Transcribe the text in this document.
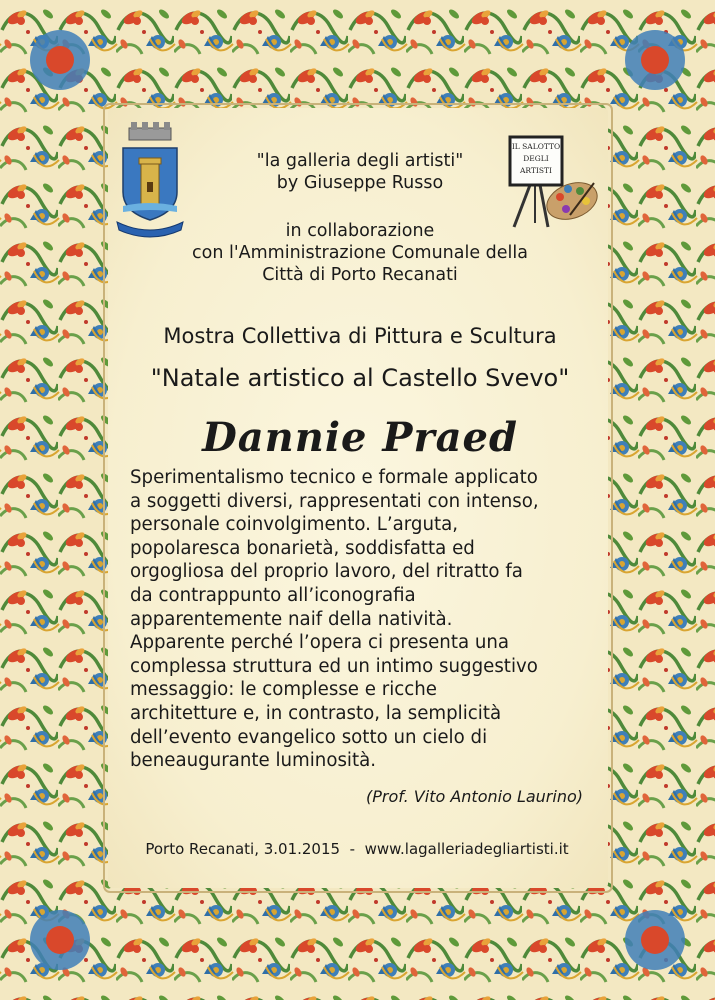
IL SALOTTO
DEGLI
ARTISTI
"la galleria degli artisti"
by Giuseppe Russo
in collaborazione
con l'Amministrazione Comunale della
Città di Porto Recanati
Mostra Collettiva di Pittura e Scultura
"Natale artistico al Castello Svevo"
Dannie Praed
Sperimentalismo tecnico e formale applicato
a soggetti diversi, rappresentati con intenso,
personale coinvolgimento. L’arguta,
popolaresca bonarietà, soddisfatta ed
orgogliosa del proprio lavoro, del ritratto fa
da contrappunto all’iconografia
apparentemente naif della natività.
Apparente perché l’opera ci presenta una
complessa struttura ed un intimo suggestivo
messaggio: le complesse e ricche
architetture e, in contrasto, la semplicità
dell’evento evangelico sotto un cielo di
beneaugurante luminosità.
(Prof. Vito Antonio Laurino)
Porto Recanati, 3.01.2015 - www.lagalleriadegliartisti.it
